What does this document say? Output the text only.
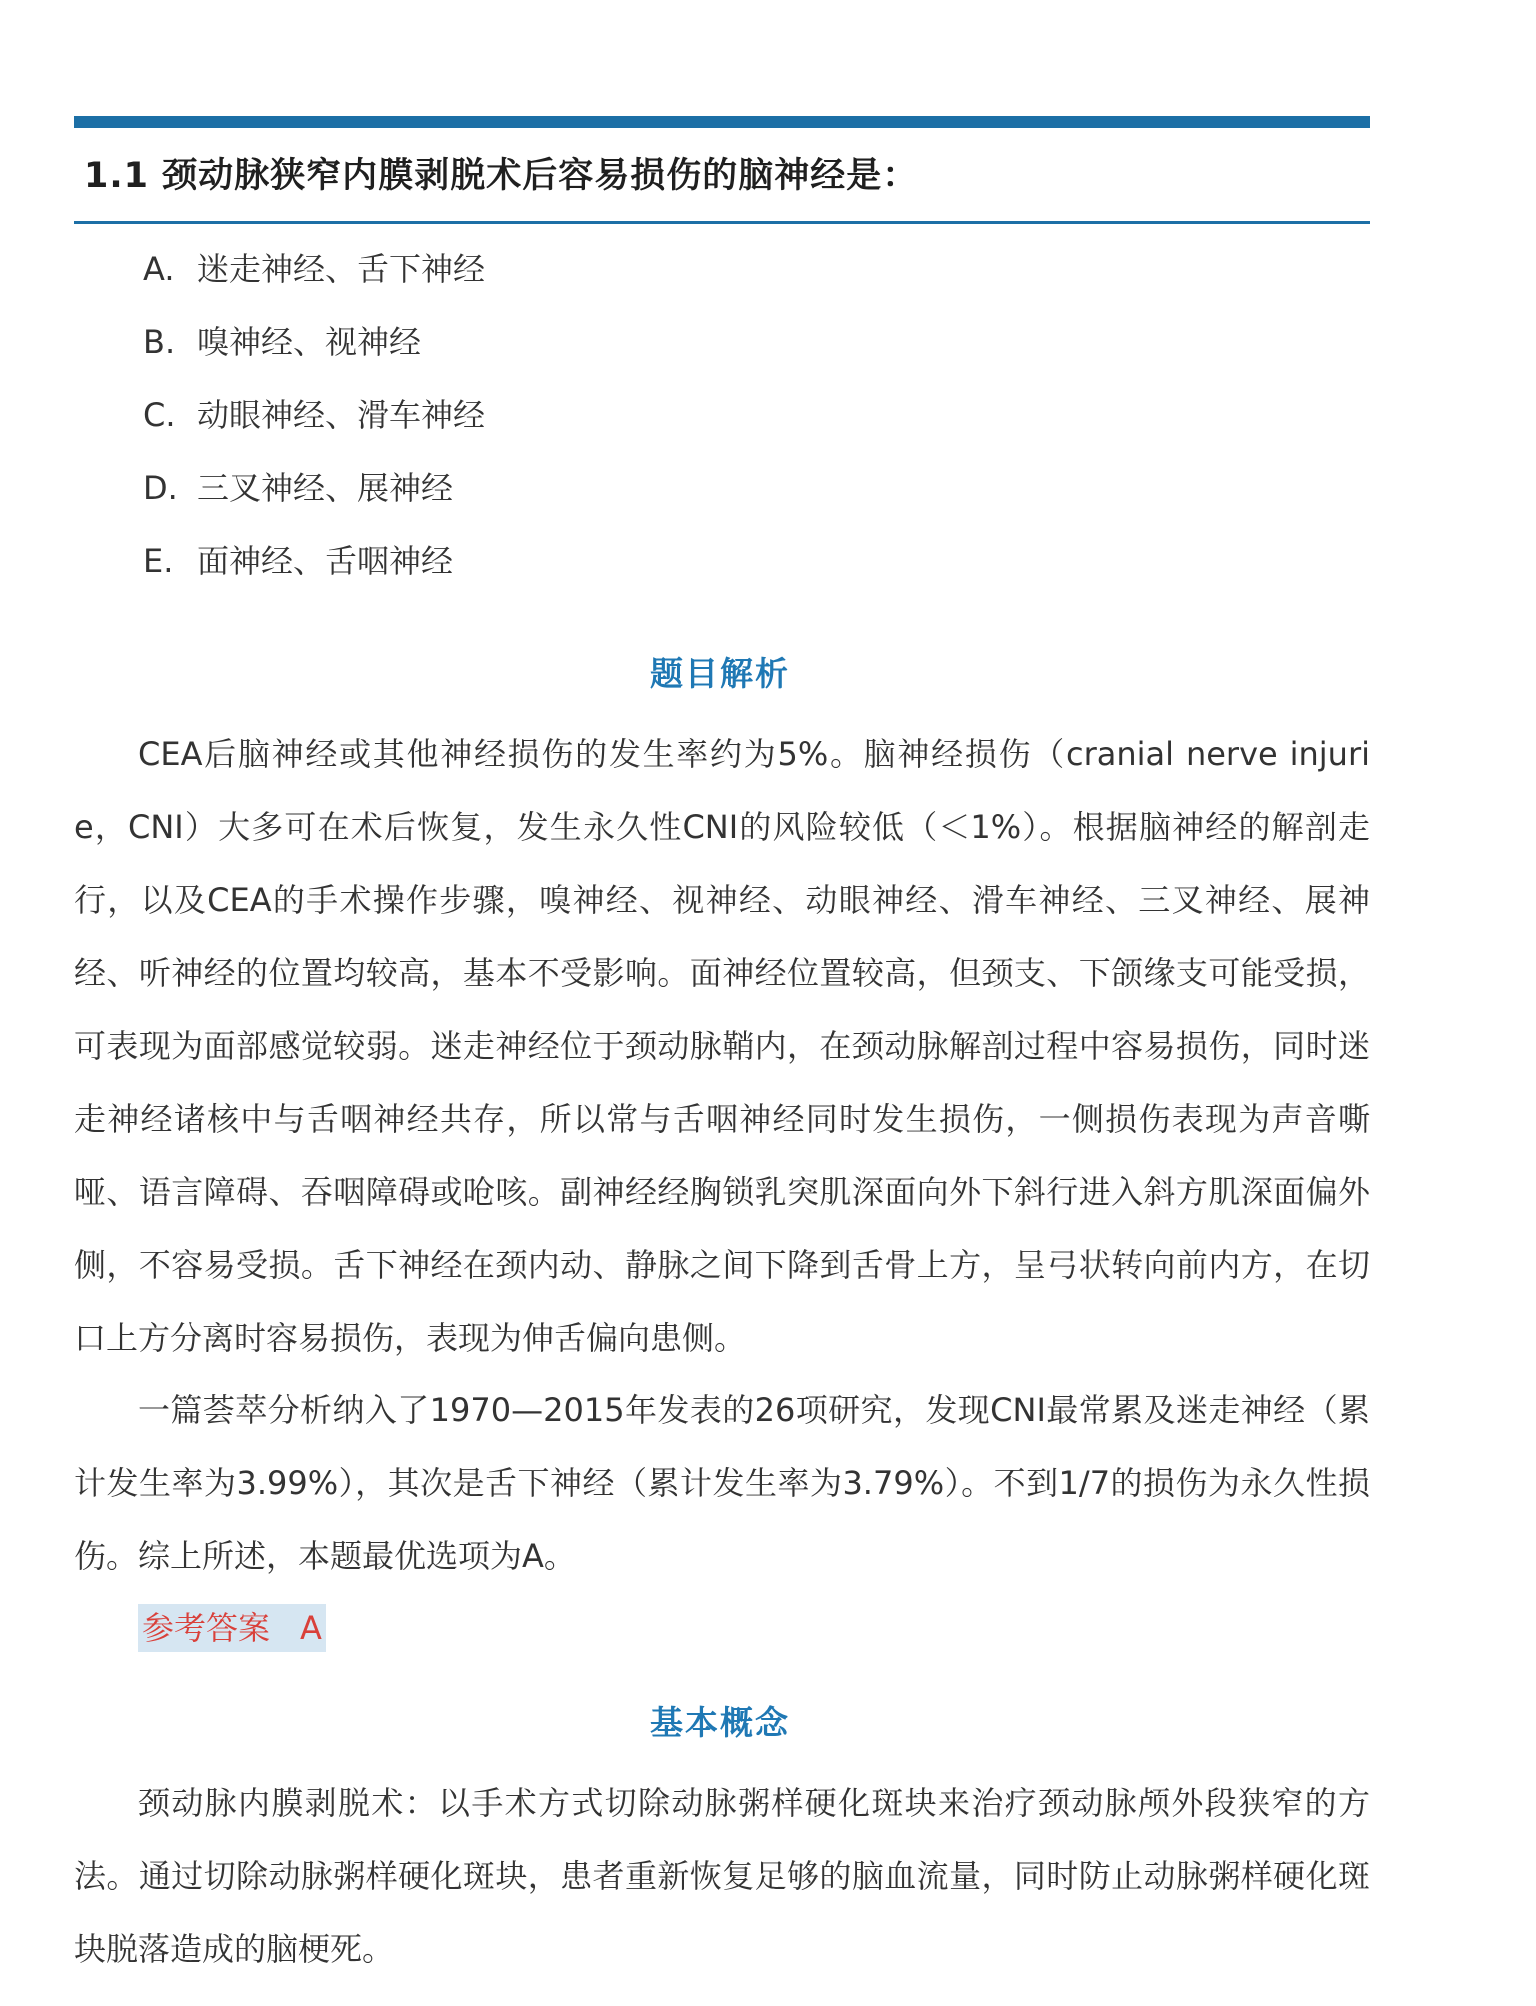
1.1 颈动脉狭窄内膜剥脱术后容易损伤的脑神经是：
A. 迷走神经、舌下神经
B. 嗅神经、视神经
C. 动眼神经、滑车神经
D. 三叉神经、展神经
E. 面神经、舌咽神经
题目解析

CEA后脑神经或其他神经损伤的发生率约为5%。脑神经损伤（cranial nerve injurie，CNI）大多可在术后恢复，发生永久性CNI的风险较低（＜1%）。根据脑神经的解剖走行，以及CEA的手术操作步骤，嗅神经、视神经、动眼神经、滑车神经、三叉神经、展神经、听神经的位置均较高，基本不受影响。面神经位置较高，但颈支、下颌缘支可能受损，可表现为面部感觉较弱。迷走神经位于颈动脉鞘内，在颈动脉解剖过程中容易损伤，同时迷走神经诸核中与舌咽神经共存，所以常与舌咽神经同时发生损伤，一侧损伤表现为声音嘶哑、语言障碍、吞咽障碍或呛咳。副神经经胸锁乳突肌深面向外下斜行进入斜方肌深面偏外侧，不容易受损。舌下神经在颈内动、静脉之间下降到舌骨上方，呈弓状转向前内方，在切口上方分离时容易损伤，表现为伸舌偏向患侧。

一篇荟萃分析纳入了1970—2015年发表的26项研究，发现CNI最常累及迷走神经（累计发生率为3.99%），其次是舌下神经（累计发生率为3.79%）。不到1/7的损伤为永久性损伤。综上所述，本题最优选项为A。

参考答案 A
基本概念

颈动脉内膜剥脱术：以手术方式切除动脉粥样硬化斑块来治疗颈动脉颅外段狭窄的方法。通过切除动脉粥样硬化斑块，患者重新恢复足够的脑血流量，同时防止动脉粥样硬化斑块脱落造成的脑梗死。
